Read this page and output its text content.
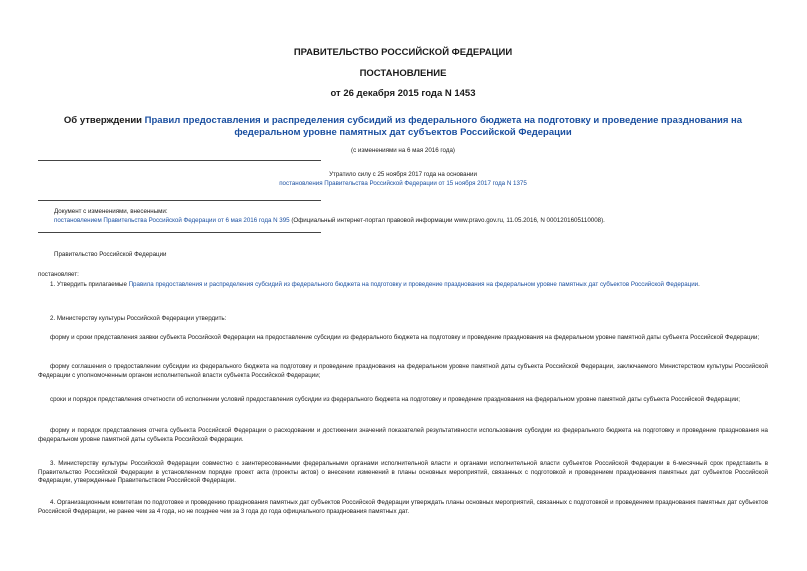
ПРАВИТЕЛЬСТВО РОССИЙСКОЙ ФЕДЕРАЦИИ
ПОСТАНОВЛЕНИЕ
от 26 декабря 2015 года N 1453
Об утверждении Правил предоставления и распределения субсидий из федерального бюджета на подготовку и проведение празднования на федеральном уровне памятных дат субъектов Российской Федерации
(с изменениями на 6 мая 2016 года)
Утратило силу с 25 ноября 2017 года на основании
постановления Правительства Российской Федерации от 15 ноября 2017 года N 1375
Документ с изменениями, внесенными:
постановлением Правительства Российской Федерации от 6 мая 2016 года N 395 (Официальный интернет-портал правовой информации www.pravo.gov.ru, 11.05.2016, N 0001201605110008).
Правительство Российской Федерации
постановляет:
1. Утвердить прилагаемые Правила предоставления и распределения субсидий из федерального бюджета на подготовку и проведение празднования на федеральном уровне памятных дат субъектов Российской Федерации.
2. Министерству культуры Российской Федерации утвердить:
форму и сроки представления заявки субъекта Российской Федерации на предоставление субсидии из федерального бюджета на подготовку и проведение празднования на федеральном уровне памятной даты субъекта Российской Федерации;
форму соглашения о предоставлении субсидии из федерального бюджета на подготовку и проведение празднования на федеральном уровне памятной даты субъекта Российской Федерации, заключаемого Министерством культуры Российской Федерации с уполномоченным органом исполнительной власти субъекта Российской Федерации;
сроки и порядок представления отчетности об исполнении условий предоставления субсидии из федерального бюджета на подготовку и проведение празднования на федеральном уровне памятной даты субъекта Российской Федерации;
форму и порядок представления отчета субъекта Российской Федерации о расходовании и достижении значений показателей результативности использования субсидии из федерального бюджета на подготовку и проведение празднования на федеральном уровне памятной даты субъекта Российской Федерации.
3. Министерству культуры Российской Федерации совместно с заинтересованными федеральными органами исполнительной власти и органами исполнительной власти субъектов Российской Федерации в 6-месячный срок представить в Правительство Российской Федерации в установленном порядке проект акта (проекты актов) о внесении изменений в планы основных мероприятий, связанных с подготовкой и проведением празднования памятных дат субъектов Российской Федерации, утвержденные Правительством Российской Федерации.
4. Организационным комитетам по подготовке и проведению празднования памятных дат субъектов Российской Федерации утверждать планы основных мероприятий, связанных с подготовкой и проведением празднования памятных дат субъектов Российской Федерации, не ранее чем за 4 года, но не позднее чем за 3 года до года официального празднования памятных дат.
